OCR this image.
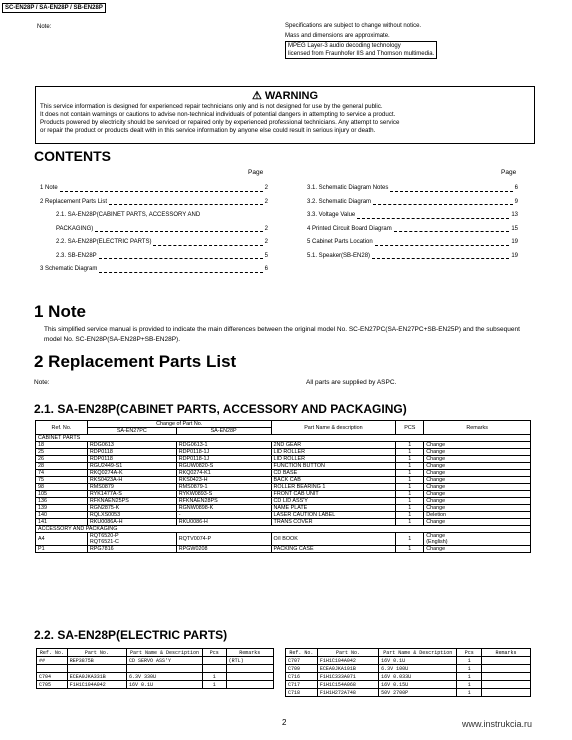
SC-EN28P / SA-EN28P / SB-EN28P
Note:	Specifications are subject to change without notice.
Mass and dimensions are approximate.
MPEG Layer-3 audio decoding technology
licensed from Fraunhofer IIS and Thomson multimedia.
⚠ WARNING
This service information is designed for experienced repair technicians only and is not designed for use by the general public.
It does not contain warnings or cautions to advise non-technical individuals of potential dangers in attempting to service a product.
Products powered by electricity should be serviced or repaired only by experienced professional technicians. Any attempt to service
or repair the product or products dealt with in this service information by anyone else could result in serious injury or death.
CONTENTS
Page	Page
1 Note	2
2 Replacement Parts List	2
2.1. SA-EN28P(CABINET PARTS, ACCESSORY AND
PACKAGING)	2
2.2. SA-EN28P(ELECTRIC PARTS)	2
2.3. SB-EN28P	5
3 Schematic Diagram	6
3.1. Schematic Diagram Notes	6
3.2. Schematic Diagram	9
3.3. Voltage Value	13
4 Printed Circuit Board Diagram	15
5 Cabinet Parts Location	19
5.1. Speaker(SB-EN28)	19
1 Note
This simplified service manual is provided to indicate the main differences between the original model No. SC-EN27PC(SA-EN27PC+SB-EN25P) and the subsequent model No. SC-EN28P(SA-EN28P+SB-EN28P).
2 Replacement Parts List
Note:	All parts are supplied by ASPC.
2.1. SA-EN28P(CABINET PARTS, ACCESSORY AND PACKAGING)
Ref. No.	Change of Part No.		Part Name & description	PCS	Remarks
	SA-EN27PC	SA-EN28P			
CABINET PARTS					
18	RDG0613	RDG0613-1	2ND GEAR	1	Change
25	RDP0118	RDP0118-1J	LID ROLLER	1	Change
26	RDP0118	RDP0118-1J	LID ROLLER	1	Change
28	RGU2449-S1	RGUW0820-S	FUNCTION BUTTON	1	Change
74	RKQ0274A-K	RKQ0274-K1	CD BASE	1	Change
75	RKS0423A-H	RKS0423-H	BACK CAB	1	Change
98	RMS0879	RMS0879-1	ROLLER BEARING 1	1	Change
105	RYK1477A-S	RYKW0893-S	FRONT CAB UNIT	1	Change
136	RFKNAEN25PS	RFKNAEN28PS	CD LID ASS'Y	1	Change
139	RGN2875-K	RGNW0898-K	NAME PLATE	1	Change
140	RQLXS0053	-	LASER CAUTION LABEL	1	Deletion
141	RKU0086A-H	RKU0086-H	TRANS COVER	1	Change
ACCESSORY AND PACKAGING					
A4	RQT6520-P
RQT6521-C	RQTV0074-P	O/I BOOK	1	Change
(English)
P1	RPG7816	RPGW0208	PACKING CASE	1	Change
2.2. SA-EN28P(ELECTRIC PARTS)
Ref. No.	Part No.	Part Name & Description	Pcs	Remarks
##	REP3875B	CD SERVO ASS'Y		(RTL)

C704	ECEA0JKA331B	6.3V 330U	1	
C705	F1H1C104A042	16V 0.1U	1	
Ref. No.	Part No.	Part Name & Description	Pcs	Remarks
C707	F1H1C104A042	16V 0.1U	1	
C709	ECEA0JKA101B	6.3V 100U	1	
C716	F1H1C333A071	16V 0.033U	1	
C717	F1H1C154A068	16V 0.15U	1	
C718	F1H1H272A748	50V 2700P	1	
2	www.instrukcia.ru
